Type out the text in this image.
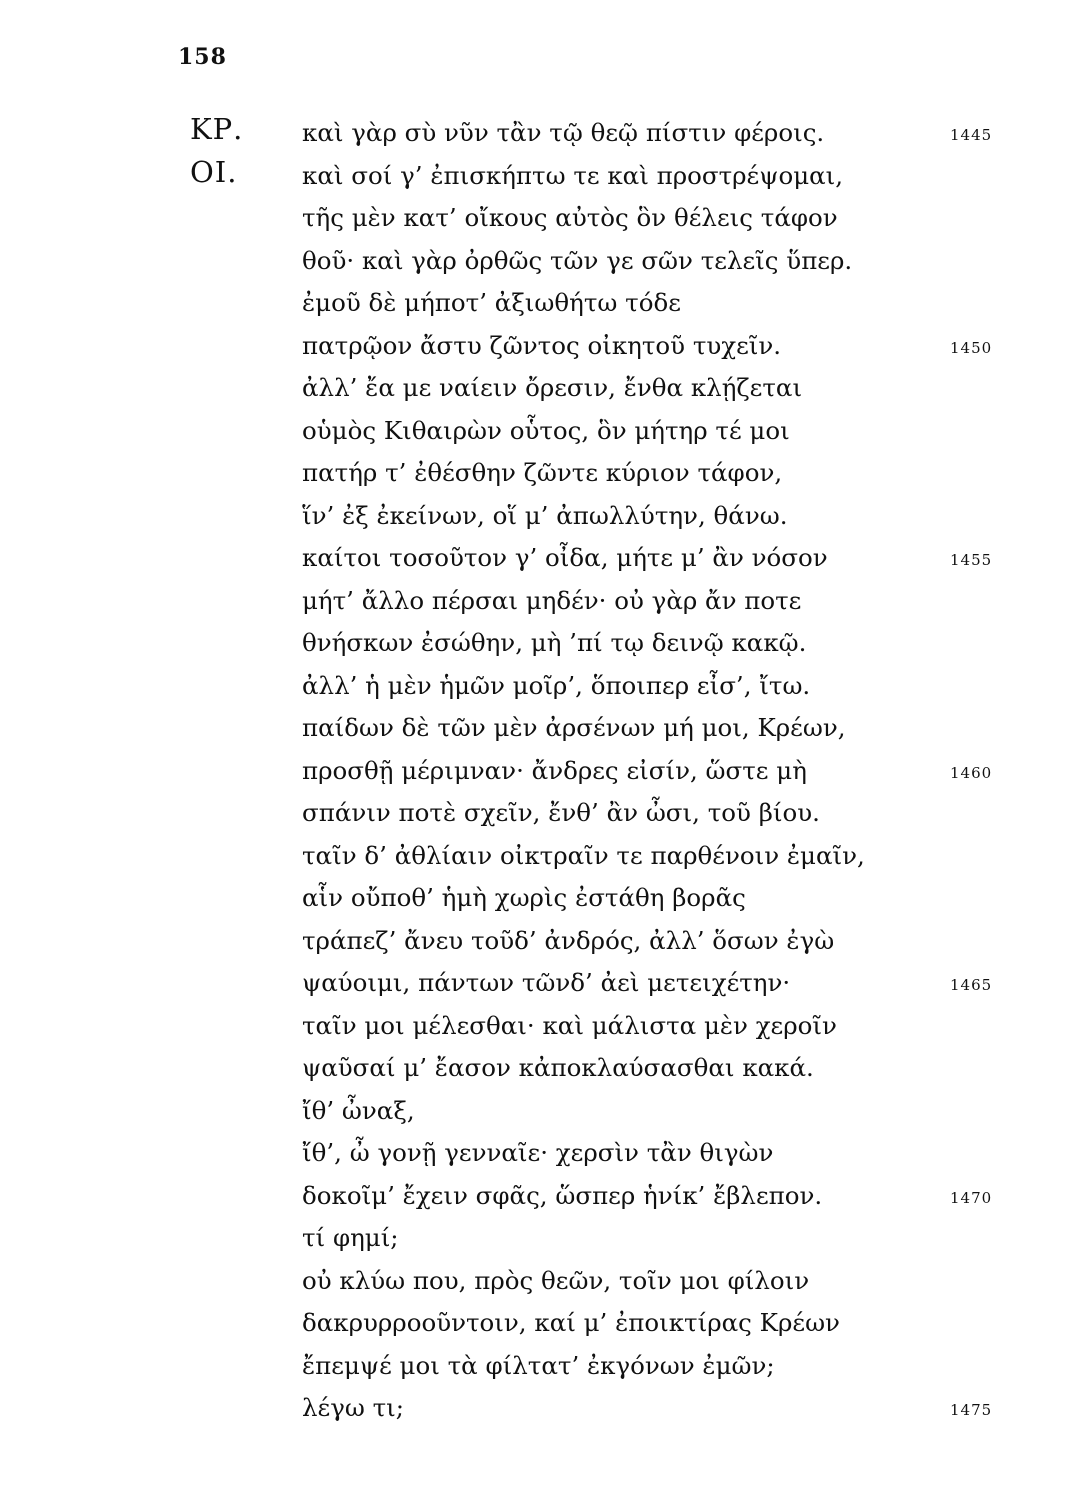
158
ΚΡ. καὶ γὰρ σὺ νῦν τἂν τῷ θεῷ πίστιν φέροις.	1445
ΟΙ.	καὶ σοί γ’ ἐπισκήπτω τε καὶ προστρέψομαι,
τῆς μὲν κατ’ οἴκους αὐτὸς ὃν θέλεις τάφον
θοῦ· καὶ γὰρ ὀρθῶς τῶν γε σῶν τελεῖς ὕπερ.
ἐμοῦ δὲ μήποτ’ ἀξιωθήτω τόδε
πατρῷον ἄστυ ζῶντος οἰκητοῦ τυχεῖν.	1450
ἀλλ’ ἔα με ναίειν ὄρεσιν, ἔνθα κλῄζεται
οὑμὸς Κιθαιρὼν οὗτος, ὃν μήτηρ τέ μοι
πατήρ τ’ ἐθέσθην ζῶντε κύριον τάφον,
ἵν’ ἐξ ἐκείνων, οἵ μ’ ἀπωλλύτην, θάνω.
καίτοι τοσοῦτον γ’ οἶδα, μήτε μ’ ἂν νόσον	1455
μήτ’ ἄλλο πέρσαι μηδέν· οὐ γὰρ ἄν ποτε
θνήσκων ἐσώθην, μὴ ’πί τῳ δεινῷ κακῷ.
ἀλλ’ ἡ μὲν ἡμῶν μοῖρ’, ὅποιπερ εἶσ’, ἴτω.
παίδων δὲ τῶν μὲν ἀρσένων μή μοι, Κρέων,
προσθῇ μέριμναν· ἄνδρες εἰσίν, ὥστε μὴ	1460
σπάνιν ποτὲ σχεῖν, ἔνθ’ ἂν ὦσι, τοῦ βίου.
ταῖν δ’ ἀθλίαιν οἰκτραῖν τε παρθένοιν ἐμαῖν,
αἷν οὔποθ’ ἡμὴ χωρὶς ἐστάθη βορᾶς
τράπεζ’ ἄνευ τοῦδ’ ἀνδρός, ἀλλ’ ὅσων ἐγὼ
ψαύοιμι, πάντων τῶνδ’ ἀεὶ μετειχέτην·	1465
ταῖν μοι μέλεσθαι· καὶ μάλιστα μὲν χεροῖν
ψαῦσαί μ’ ἔασον κἀποκλαύσασθαι κακά.
ἴθ’ ὦναξ,
ἴθ’, ὦ γονῇ γενναῖε· χερσὶν τἂν θιγὼν
δοκοῖμ’ ἔχειν σφᾶς, ὥσπερ ἡνίκ’ ἔβλεπον.	1470
τί φημί;
οὐ κλύω που, πρὸς θεῶν, τοῖν μοι φίλοιν
δακρυρροοῦντοιν, καί μ’ ἐποικτίρας Κρέων
ἔπεμψέ μοι τὰ φίλτατ’ ἐκγόνων ἐμῶν;
λέγω τι;	1475
